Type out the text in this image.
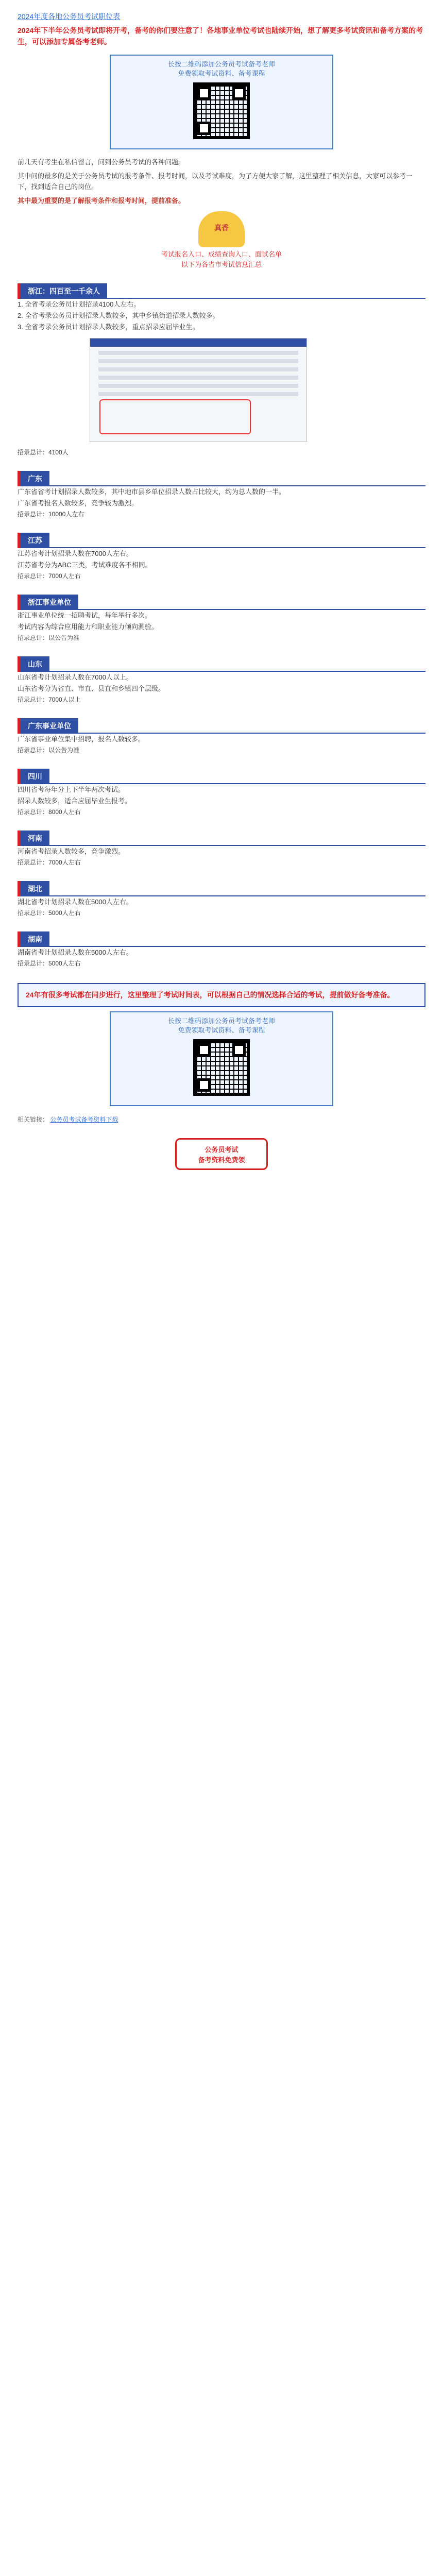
2024年度各地公务员考试职位表
2024年下半年公务员考试即将开考，备考的你们要注意了！各地事业单位考试也陆续开始，想了解更多考试资讯和备考方案的考生，可以添加专属备考老师。
长按二维码添加公务员考试备考老师
免费领取考试资料、备考课程

前几天有考生在私信留言，问到公务员考试的各种问题。

其中问的最多的是关于公务员考试的报考条件、报考时间，以及考试难度，为了方便大家了解，这里整理了相关信息，大家可以参考一下，找到适合自己的岗位。

其中最为重要的是了解报考条件和报考时间，提前准备。

真香
考试报名入口、成绩查询入口、面试名单
以下为各省市考试信息汇总
浙江：四百至一千余人
1. 全省考录公务员计划招录4100人左右。
2. 全省考录公务员计划招录人数较多，其中乡镇街道招录人数较多。
3. 全省考录公务员计划招录人数较多，重点招录应届毕业生。
招录总计：4100人
广东
广东省省考计划招录人数较多，其中地市县乡单位招录人数占比较大，约为总人数的一半。
广东省考报名人数较多，竞争较为激烈。
招录总计：10000人左右
江苏
江苏省考计划招录人数在7000人左右。
江苏省考分为ABC三类，考试难度各不相同。
招录总计：7000人左右
浙江事业单位
浙江事业单位统一招聘考试，每年举行多次。
考试内容为综合应用能力和职业能力倾向测验。
招录总计：以公告为准
山东
山东省考计划招录人数在7000人以上。
山东省考分为省直、市直、县直和乡镇四个层级。
招录总计：7000人以上
广东事业单位
广东省事业单位集中招聘，报名人数较多。
招录总计：以公告为准
四川
四川省考每年分上下半年两次考试。
招录人数较多，适合应届毕业生报考。
招录总计：8000人左右
河南
河南省考招录人数较多，竞争激烈。
招录总计：7000人左右
湖北
湖北省考计划招录人数在5000人左右。
招录总计：5000人左右
湖南
湖南省考计划招录人数在5000人左右。
招录总计：5000人左右
24年有很多考试都在同步进行，这里整理了考试时间表，可以根据自己的情况选择合适的考试，提前做好备考准备。
长按二维码添加公务员考试备考老师
免费领取考试资料、备考课程
相关链接： 公务员考试备考资料下载
公务员考试
备考资料免费领
